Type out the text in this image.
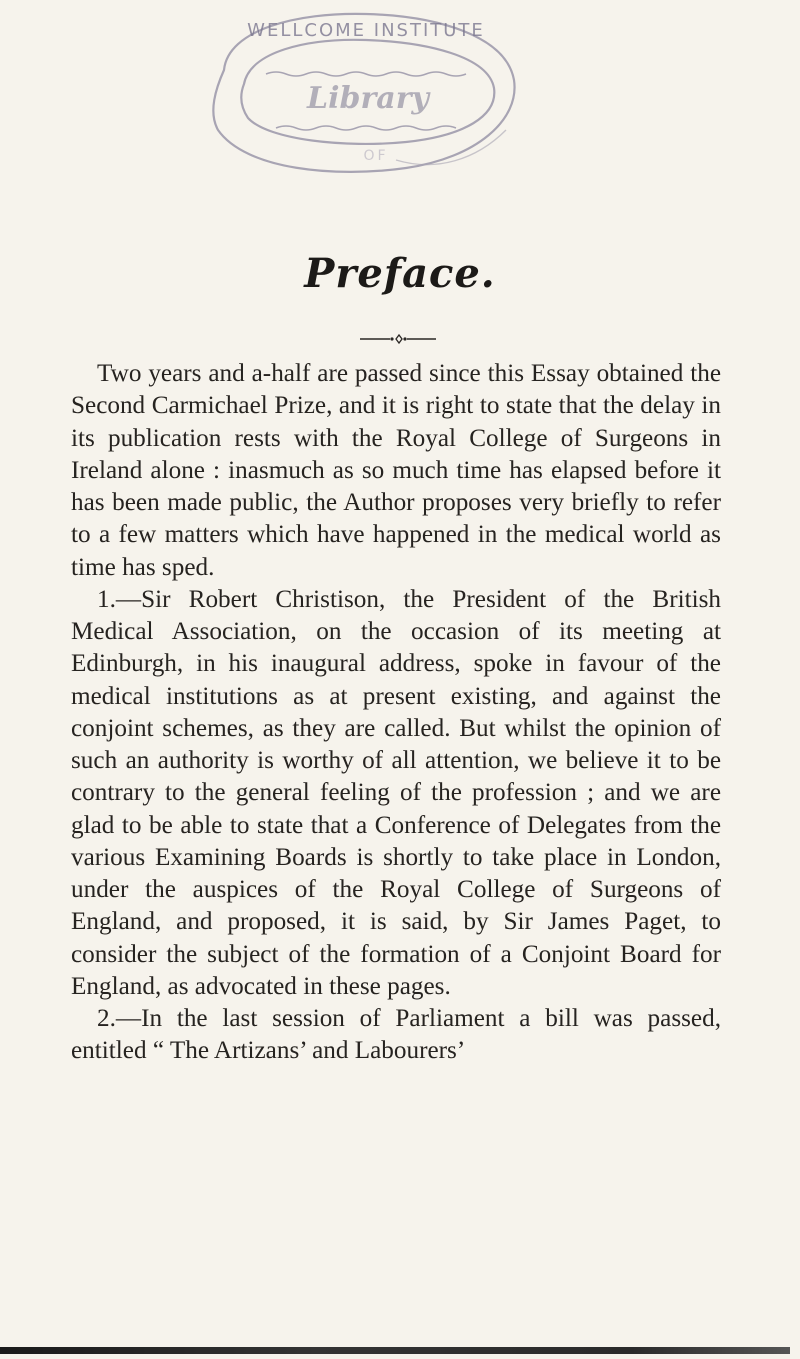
WELLCOME INSTITUTE
Library
OF
Preface.

Two years and a-half are passed since this Essay obtained the Second Carmichael Prize, and it is right to state that the delay in its publication rests with the Royal College of Surgeons in Ireland alone : inasmuch as so much time has elapsed before it has been made public, the Author proposes very briefly to refer to a few matters which have happened in the medical world as time has sped.

1.—Sir Robert Christison, the President of the British Medical Association, on the occasion of its meeting at Edinburgh, in his inaugural address, spoke in favour of the medical institutions as at present existing, and against the conjoint schemes, as they are called. But whilst the opinion of such an authority is worthy of all attention, we believe it to be contrary to the general feeling of the profession ; and we are glad to be able to state that a Conference of Delegates from the various Examining Boards is shortly to take place in London, under the auspices of the Royal College of Surgeons of England, and proposed, it is said, by Sir James Paget, to consider the subject of the formation of a Conjoint Board for England, as advocated in these pages.

2.—In the last session of Parliament a bill was passed, entitled “ The Artizans’ and Labourers’
